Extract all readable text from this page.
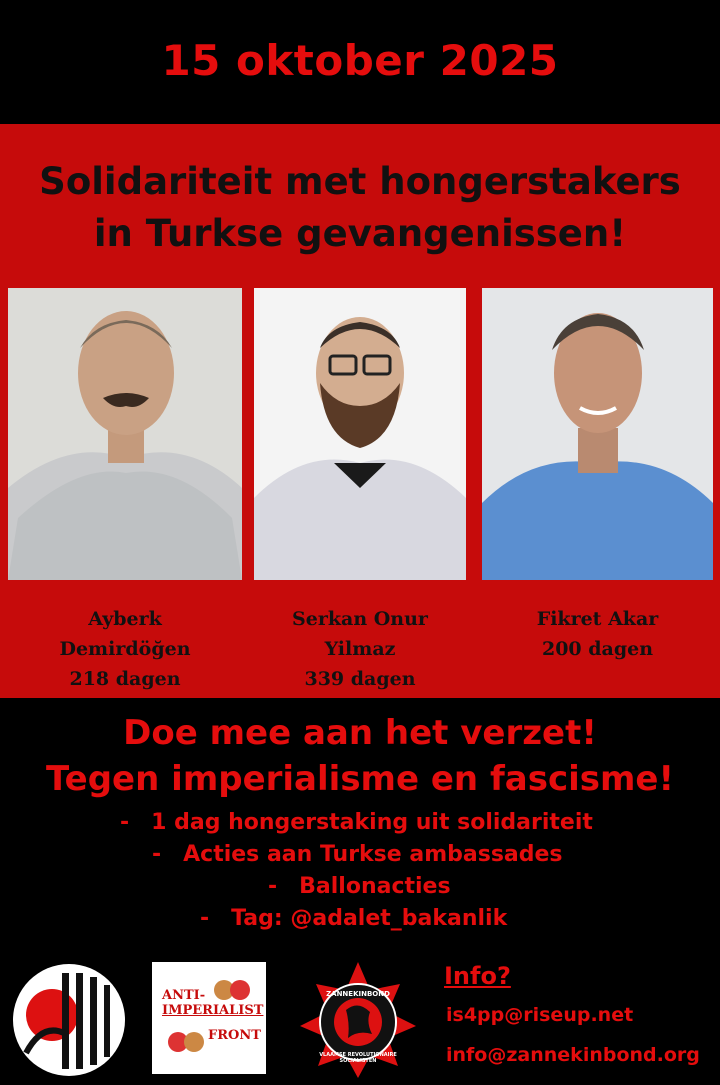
15 oktober 2025
Solidariteit met hongerstakers
in Turkse gevangenissen!
Ayberk
Demirdöğen
218 dagen
Serkan Onur
Yilmaz
339 dagen
Fikret Akar
200 dagen
Doe mee aan het verzet!
Tegen imperialisme en fascisme!
- 1 dag hongerstaking uit solidariteit
- Acties aan Turkse ambassades
- Ballonacties
- Tag: @adalet_bakanlik
ANTI-
IMPERIALIST
FRONT
ZANNEKINBOND
VLAAMSE REVOLUTIONAIRE SOCIALISTEN
Info?
is4pp@riseup.net
info@zannekinbond.org
